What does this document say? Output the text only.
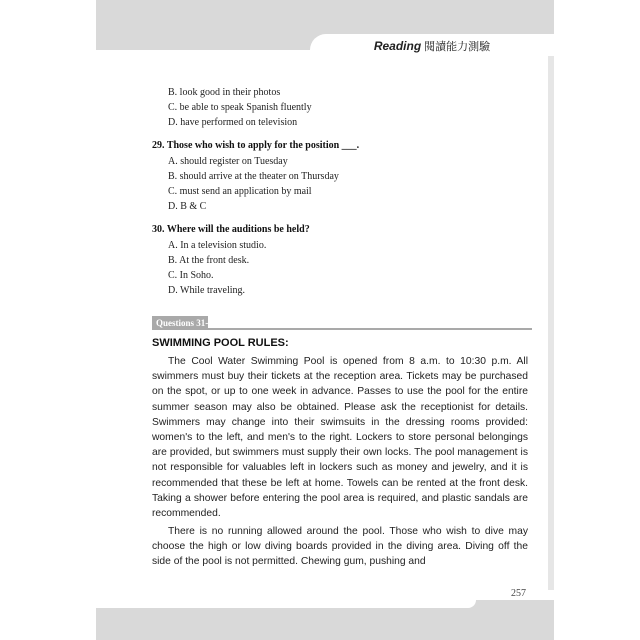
Reading 閱讀能力測驗
B. look good in their photos
C. be able to speak Spanish fluently
D. have performed on television
29. Those who wish to apply for the position ___.
A. should register on Tuesday
B. should arrive at the theater on Thursday
C. must send an application by mail
D. B & C
30. Where will the auditions be held?
A. In a television studio.
B. At the front desk.
C. In Soho.
D. While traveling.
Questions 31-35
SWIMMING POOL RULES:

The Cool Water Swimming Pool is opened from 8 a.m. to 10:30 p.m. All swimmers must buy their tickets at the reception area. Tickets may be purchased on the spot, or up to one week in advance. Passes to use the pool for the entire summer season may also be obtained. Please ask the receptionist for details. Swimmers may change into their swimsuits in the dressing rooms provided: women's to the left, and men's to the right. Lockers to store personal belongings are provided, but swimmers must supply their own locks. The pool management is not responsible for valuables left in lockers such as money and jewelry, and it is recommended that these be left at home. Towels can be rented at the front desk. Taking a shower before entering the pool area is required, and plastic sandals are recommended.

There is no running allowed around the pool. Those who wish to dive may choose the high or low diving boards provided in the diving area. Diving off the side of the pool is not permitted. Chewing gum, pushing and

257
